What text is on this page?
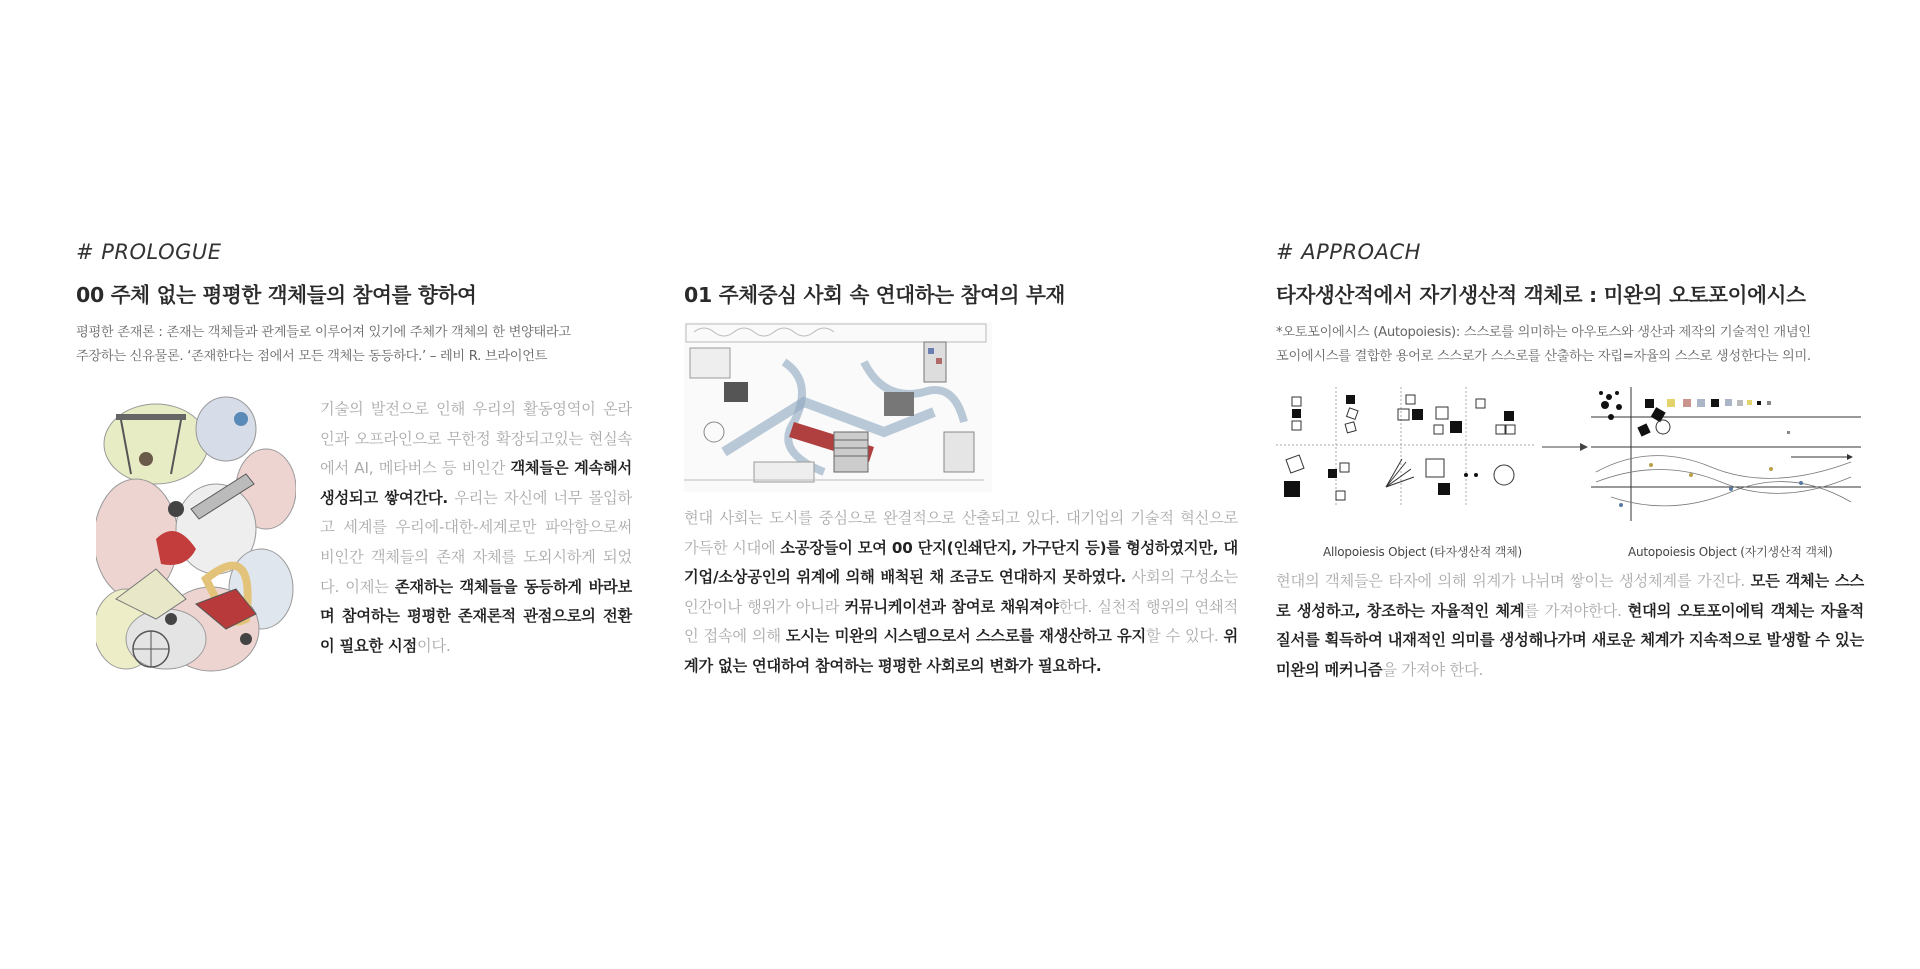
# PROLOGUE
00 주체 없는 평평한 객체들의 참여를 향하여
평평한 존재론 : 존재는 객체들과 관계들로 이루어져 있기에 주체가 객체의 한 변양태라고
주장하는 신유물론. ‘존재한다는 점에서 모든 객체는 동등하다.’ – 레비 R. 브라이언트
기술의 발전으로 인해 우리의 활동영역이 온라인과 오프라인으로 무한정 확장되고있는 현실속에서 AI, 메타버스 등 비인간 객체들은 계속해서 생성되고 쌓여간다. 우리는 자신에 너무 몰입하고 세계를 우리에-대한-세계로만 파악함으로써 비인간 객체들의 존재 자체를 도외시하게 되었다. 이제는 존재하는 객체들을 동등하게 바라보며 참여하는 평평한 존재론적 관점으로의 전환이 필요한 시점이다.
01 주체중심 사회 속 연대하는 참여의 부재
현대 사회는 도시를 중심으로 완결적으로 산출되고 있다. 대기업의 기술적 혁신으로 가득한 시대에 소공장들이 모여 00 단지(인쇄단지, 가구단지 등)를 형성하였지만, 대기업/소상공인의 위계에 의해 배척된 채 조금도 연대하지 못하였다. 사회의 구성소는 인간이나 행위가 아니라 커뮤니케이션과 참여로 채워져야한다. 실천적 행위의 연쇄적인 접속에 의해 도시는 미완의 시스템으로서 스스로를 재생산하고 유지할 수 있다. 위계가 없는 연대하여 참여하는 평평한 사회로의 변화가 필요하다.
# APPROACH
타자생산적에서 자기생산적 객체로 : 미완의 오토포이에시스
*오토포이에시스 (Autopoiesis): 스스로를 의미하는 아우토스와 생산과 제작의 기술적인 개념인
포이에시스를 결합한 용어로 스스로가 스스로를 산출하는 자립=자율의 스스로 생성한다는 의미.
Allopoiesis Object (타자생산적 객체)	Autopoiesis Object (자기생산적 객체)
현대의 객체들은 타자에 의해 위계가 나뉘며 쌓이는 생성체계를 가진다. 모든 객체는 스스로 생성하고, 창조하는 자율적인 체계를 가져야한다. 현대의 오토포이에틱 객체는 자율적 질서를 획득하여 내재적인 의미를 생성해나가며 새로운 체계가 지속적으로 발생할 수 있는 미완의 메커니즘을 가져야 한다.
